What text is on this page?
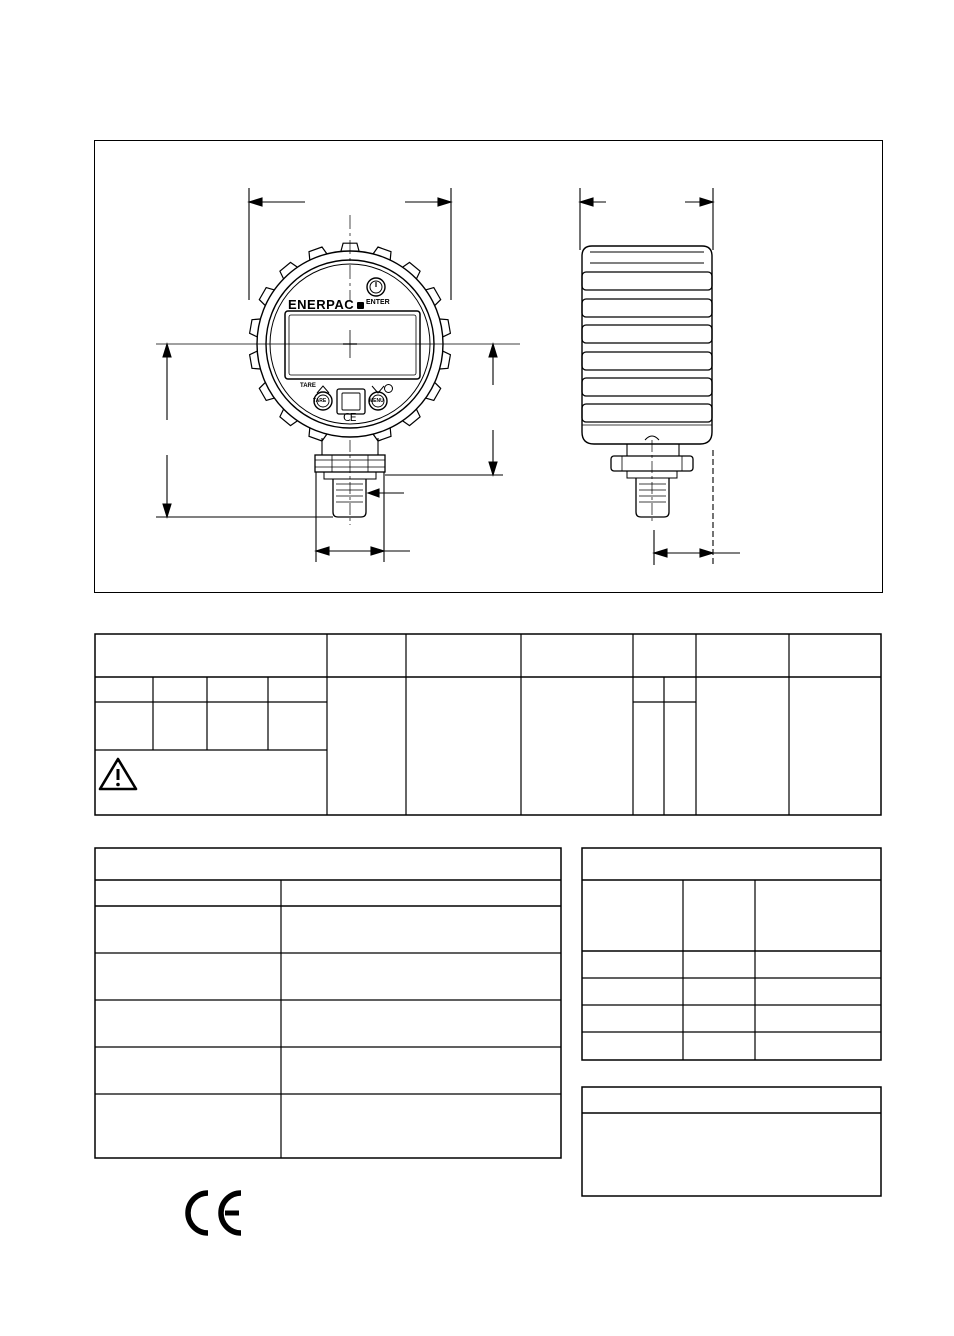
ENERPAC	ENTER
TARE
TARE	MENU
CE
